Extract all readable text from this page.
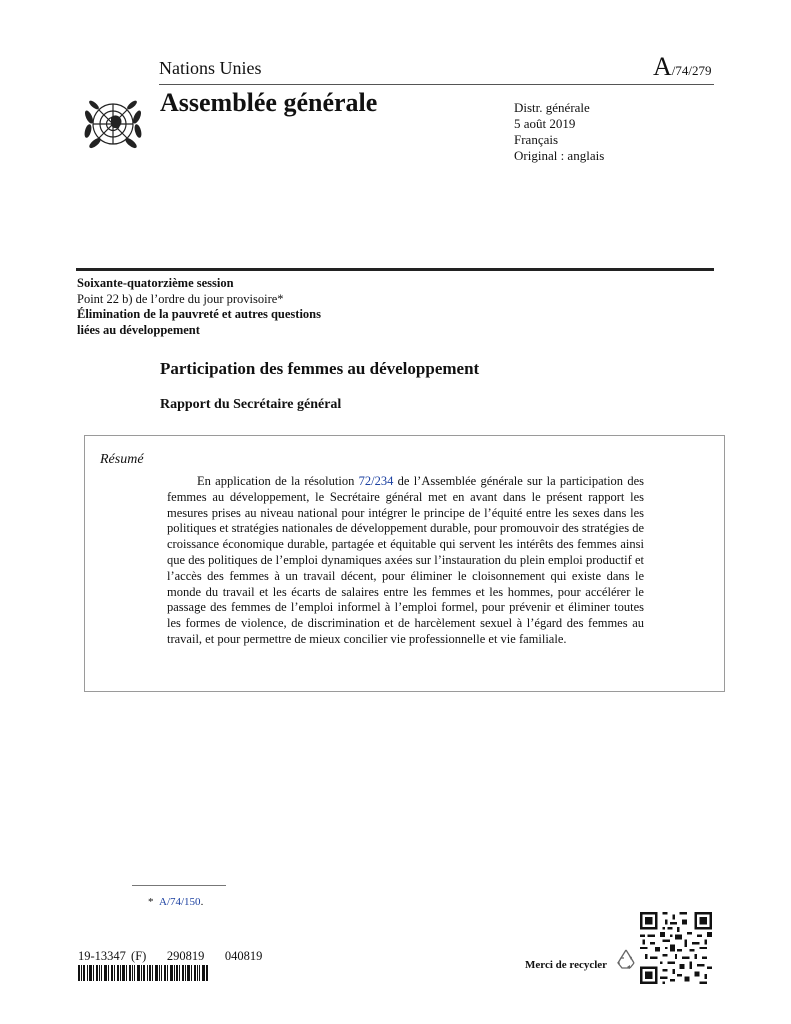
Nations Unies	A/74/279
Assemblée générale	Distr. générale
5 août 2019
Français
Original : anglais
Soixante-quatorzième session
Point 22 b) de l’ordre du jour provisoire*
Élimination de la pauvreté et autres questions
liées au développement
Participation des femmes au développement
Rapport du Secrétaire général
Résumé
En application de la résolution 72/234 de l’Assemblée générale sur la participation des femmes au développement, le Secrétaire général met en avant dans le présent rapport les mesures prises au niveau national pour intégrer le principe de l’équité entre les sexes dans les politiques et stratégies nationales de développement durable, pour promouvoir des stratégies de croissance économique durable, partagée et équitable qui servent les intérêts des femmes ainsi que des politiques de l’emploi dynamiques axées sur l’instauration du plein emploi productif et l’accès des femmes à un travail décent, pour éliminer le cloisonnement qui existe dans le monde du travail et les écarts de salaires entre les femmes et les hommes, pour accélérer le passage des femmes de l’emploi informel à l’emploi formel, pour prévenir et éliminer toutes les formes de violence, de discrimination et de harcèlement sexuel à l’égard des femmes au travail, et pour permettre de mieux concilier vie professionnelle et vie familiale.
* A/74/150.
19-13347 (F) 290819 040819
Merci de recycler
